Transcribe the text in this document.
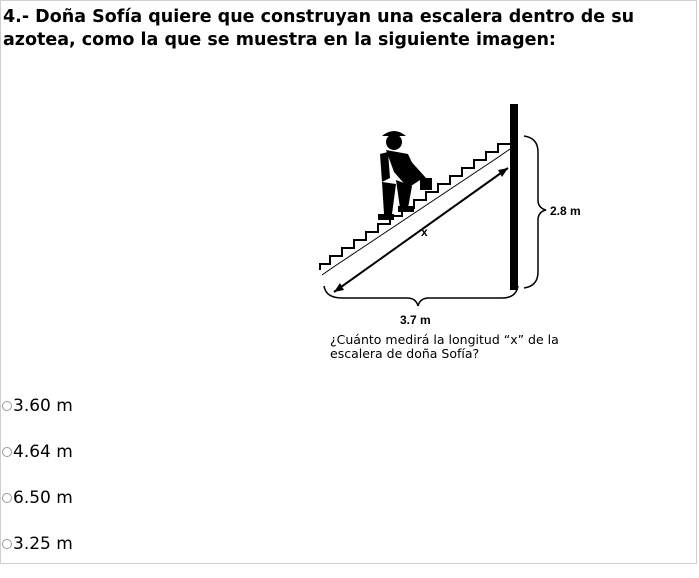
4.- Doña Sofía quiere que construyan una escalera dentro de su azotea, como la que se muestra en la siguiente imagen:

2.8 m
3.7 m
x

¿Cuánto medirá la longitud “x” de la escalera de doña Sofía?

3.60 m
4.64 m
6.50 m
3.25 m
